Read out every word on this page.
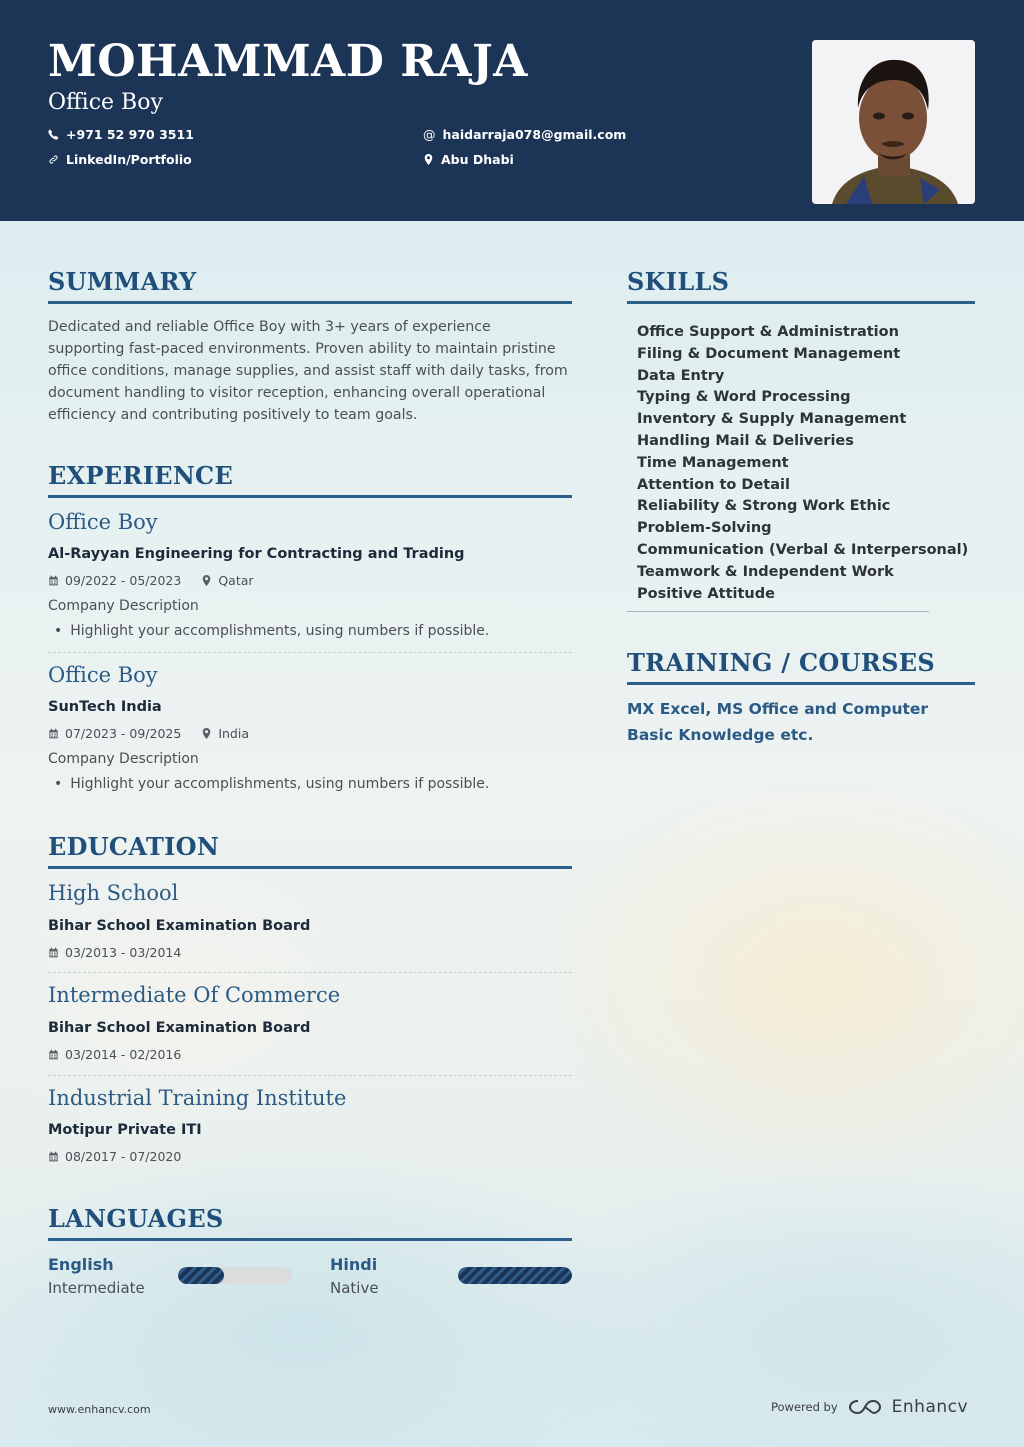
MOHAMMAD RAJA
Office Boy
+971 52 970 3511
LinkedIn/Portfolio
@ haidarraja078@gmail.com
Abu Dhabi
SUMMARY
Dedicated and reliable Office Boy with 3+ years of experience supporting fast-paced environments. Proven ability to maintain pristine office conditions, manage supplies, and assist staff with daily tasks, from document handling to visitor reception, enhancing overall operational efficiency and contributing positively to team goals.
EXPERIENCE
Office Boy
Al-Rayyan Engineering for Contracting and Trading
09/2022 - 05/2023	Qatar
Company Description
• Highlight your accomplishments, using numbers if possible.
Office Boy
SunTech India
07/2023 - 09/2025	India
Company Description
• Highlight your accomplishments, using numbers if possible.
EDUCATION
High School
Bihar School Examination Board
03/2013 - 03/2014
Intermediate Of Commerce
Bihar School Examination Board
03/2014 - 02/2016
Industrial Training Institute
Motipur Private ITI
08/2017 - 07/2020
LANGUAGES
English
Intermediate
Hindi
Native
SKILLS
Office Support & Administration
Filing & Document Management
Data Entry
Typing & Word Processing
Inventory & Supply Management
Handling Mail & Deliveries
Time Management
Attention to Detail
Reliability & Strong Work Ethic
Problem-Solving
Communication (Verbal & Interpersonal)
Teamwork & Independent Work
Positive Attitude
TRAINING / COURSES
MX Excel, MS Office and Computer Basic Knowledge etc.
www.enhancv.com	Powered by	Enhancv
